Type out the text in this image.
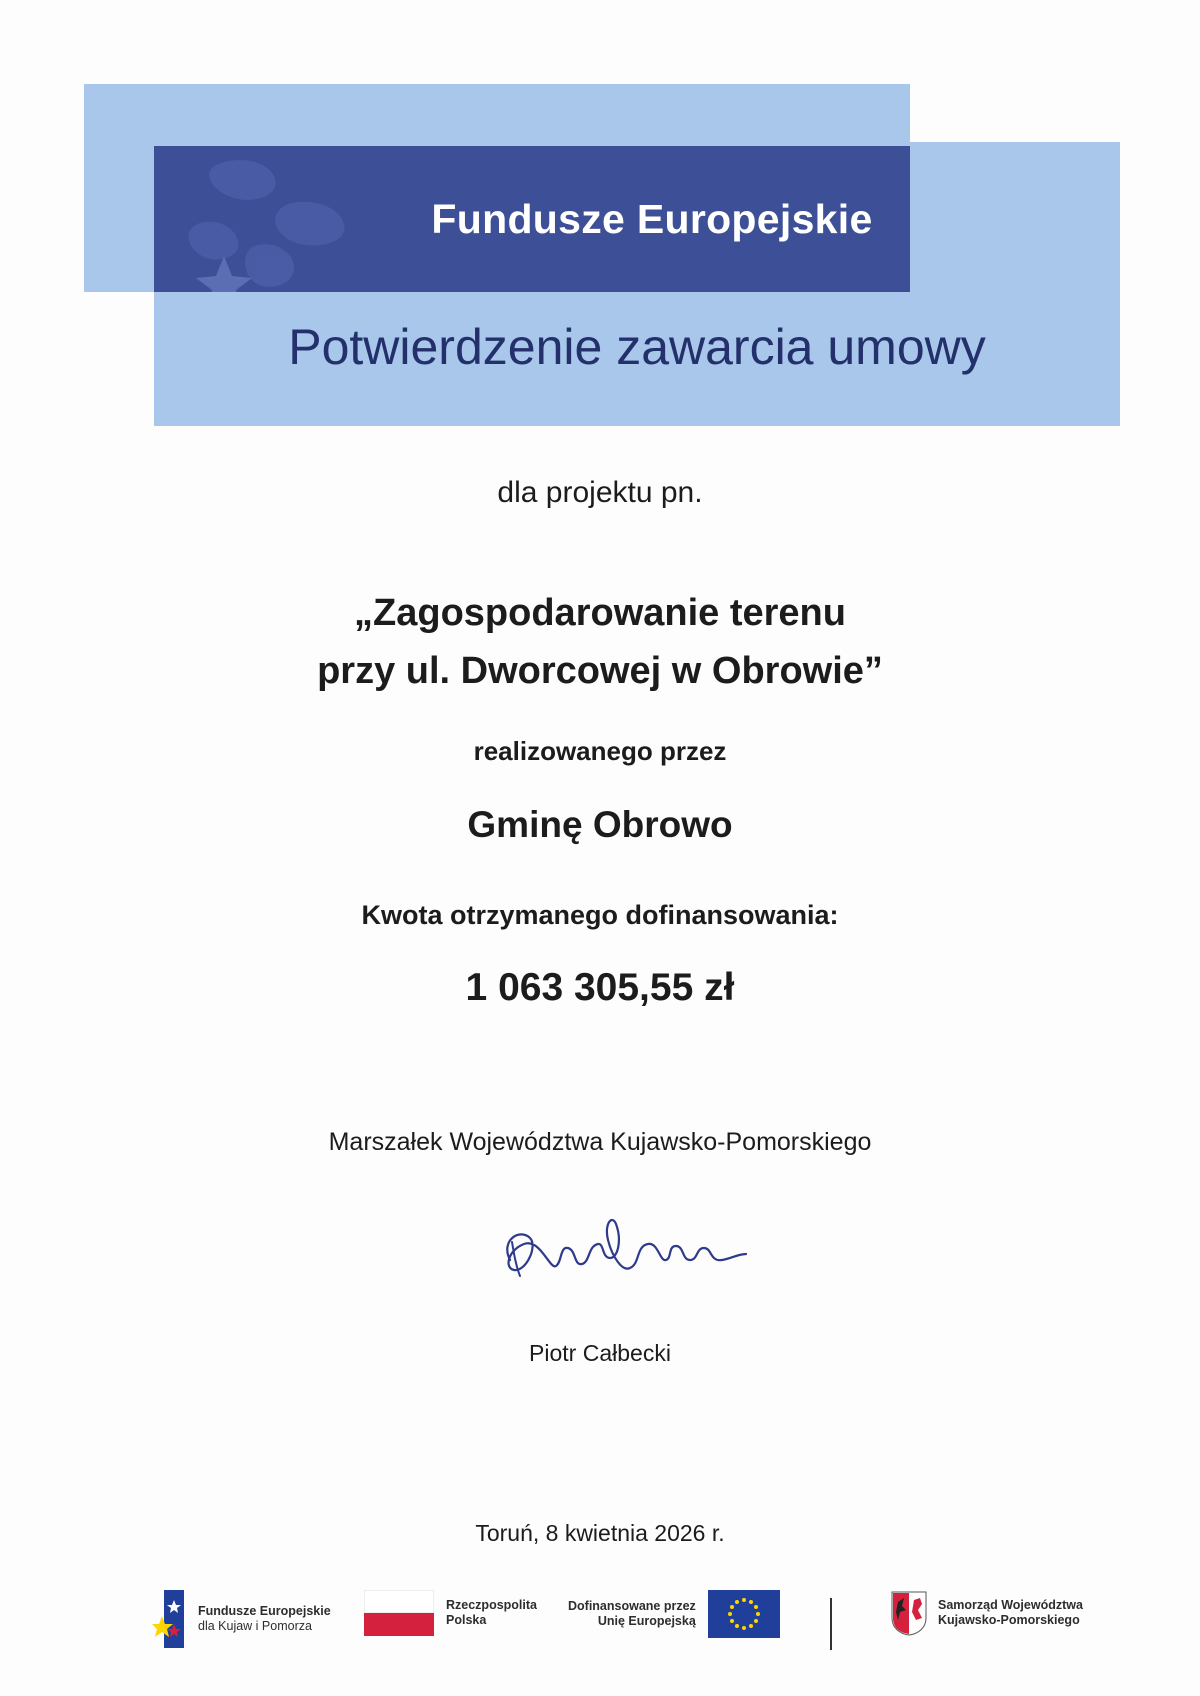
Fundusze Europejskie
Potwierdzenie zawarcia umowy
dla projektu pn.
„Zagospodarowanie terenu
przy ul. Dworcowej w Obrowie”
realizowanego przez
Gminę Obrowo
Kwota otrzymanego dofinansowania:
1 063 305,55 zł
Marszałek Województwa Kujawsko-Pomorskiego
Piotr Całbecki
Toruń, 8 kwietnia 2026 r.
Fundusze Europejskie
dla Kujaw i Pomorza
Rzeczpospolita
Polska
Dofinansowane przez
Unię Europejską
Samorząd Województwa
Kujawsko-Pomorskiego
